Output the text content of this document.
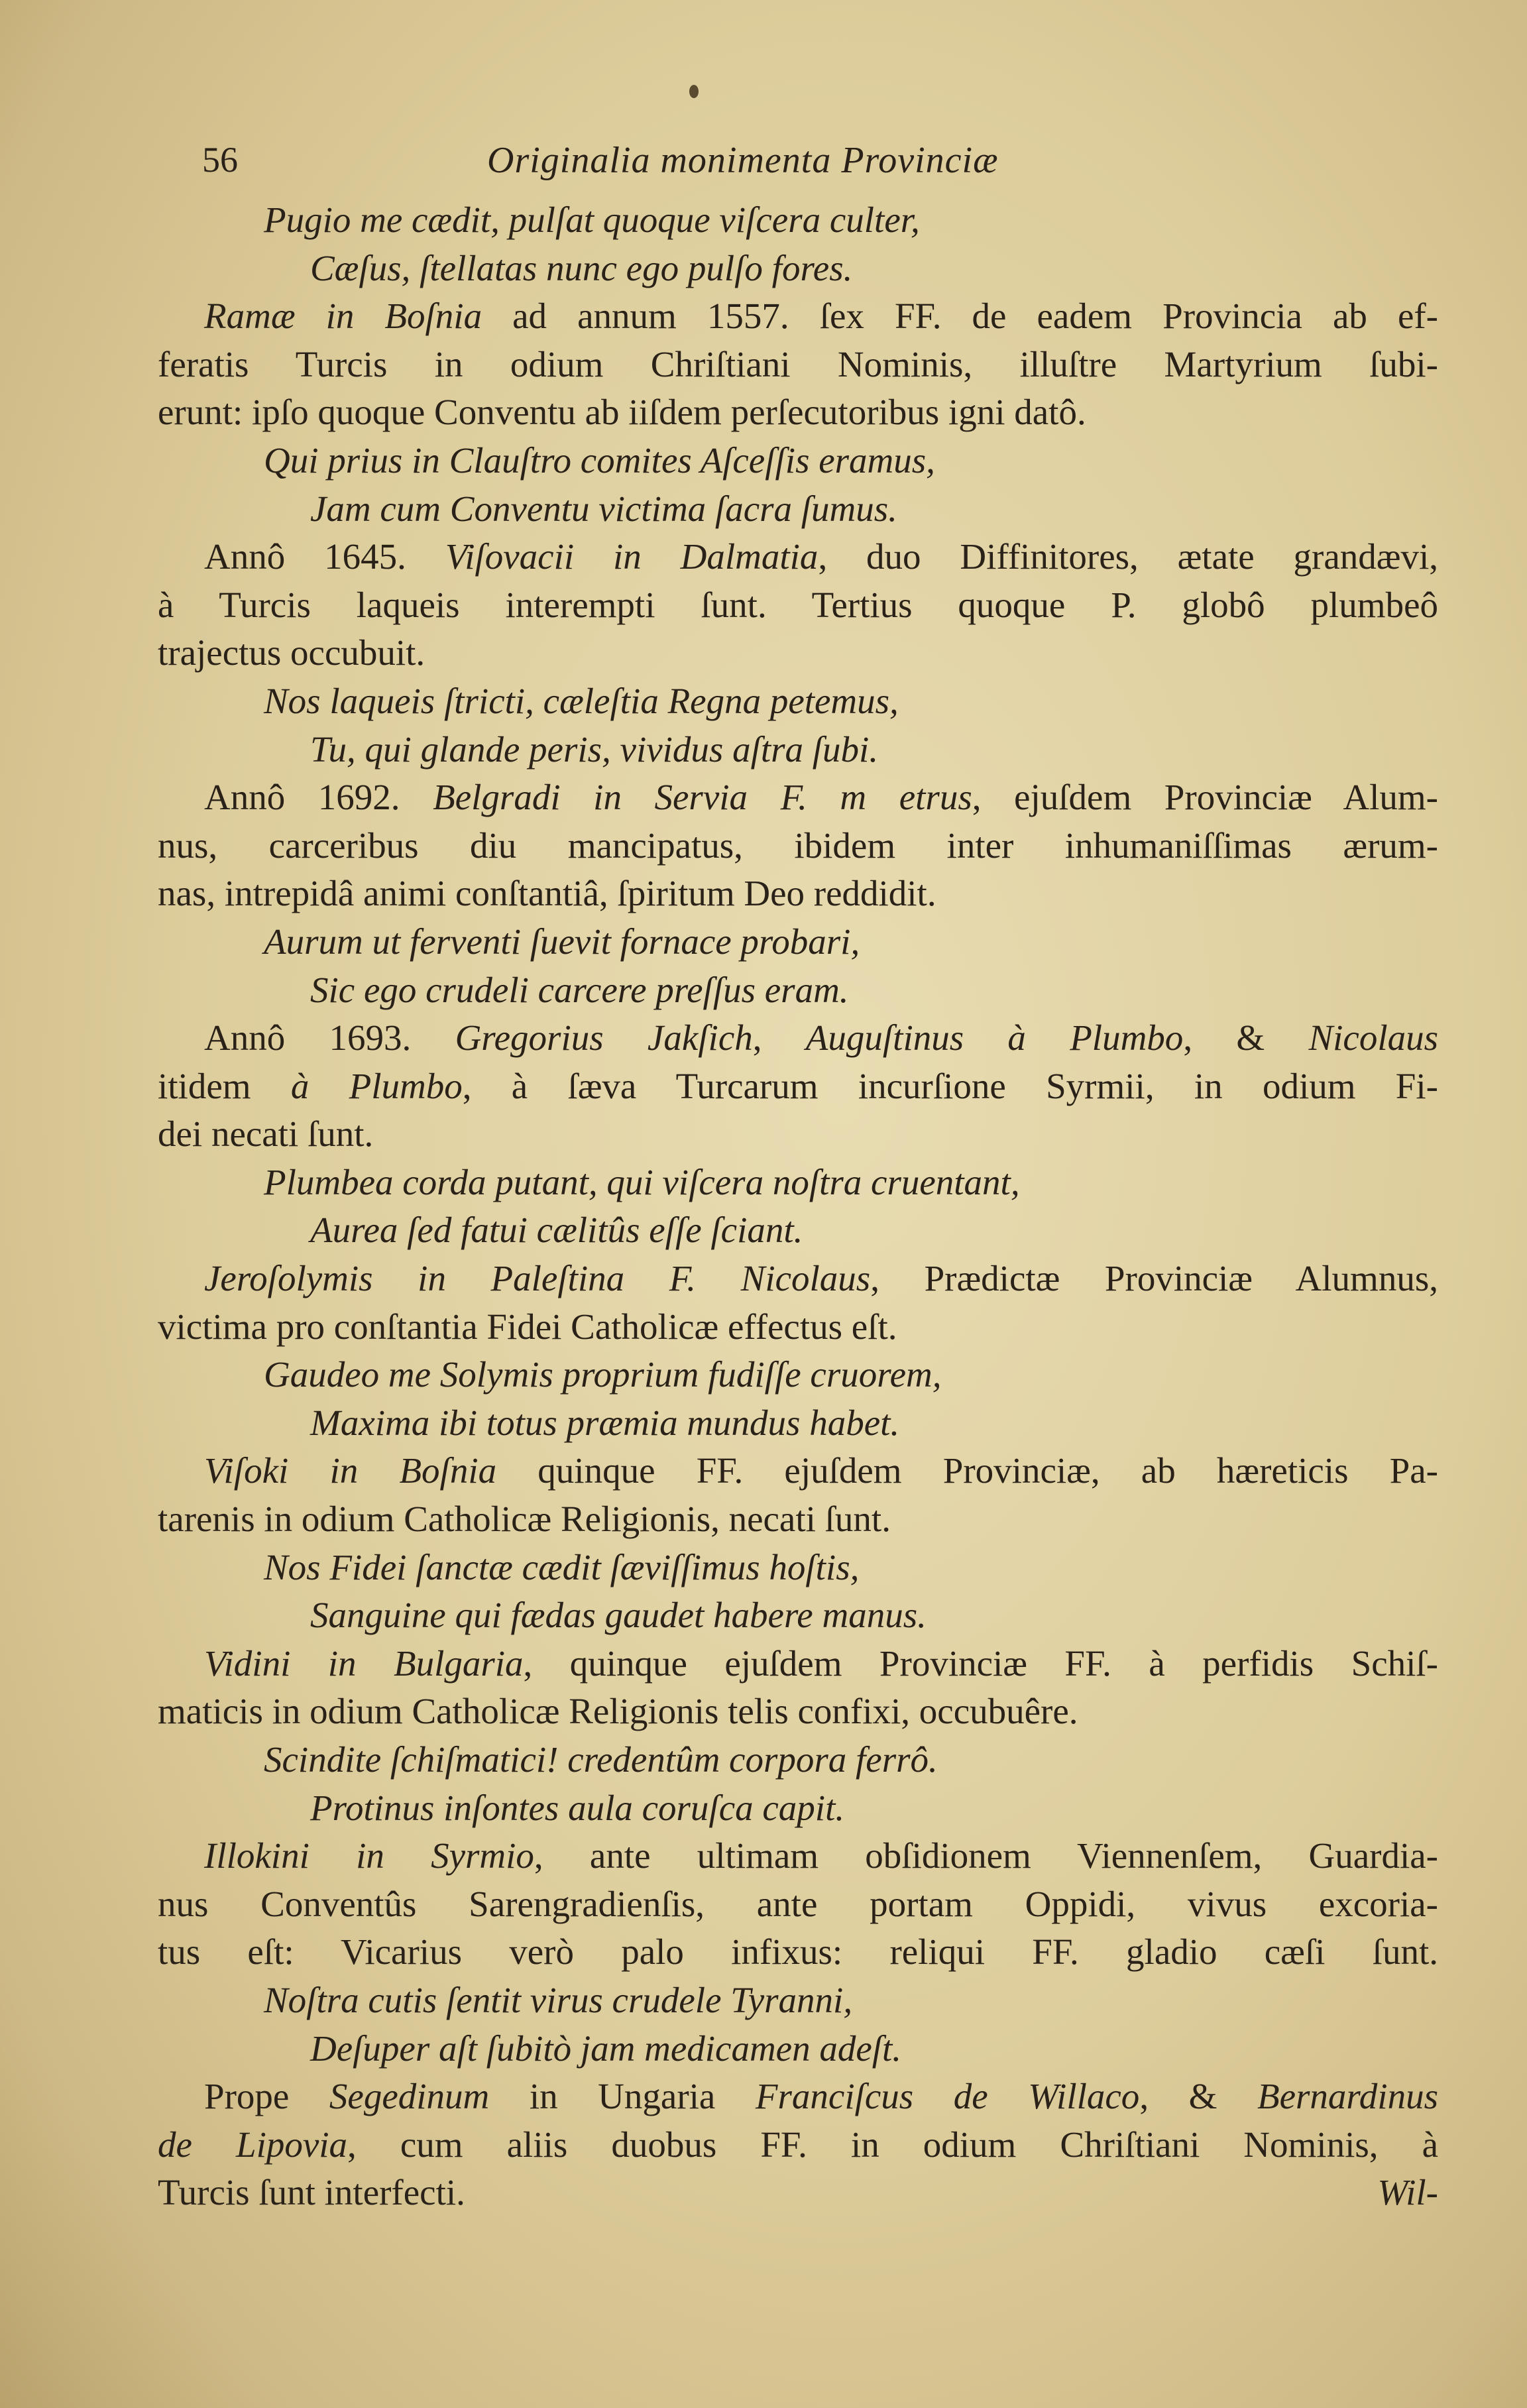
56	Originalia monimenta Provinciæ
Pugio me cædit, pulſat quoque viſcera culter,
Cæſus, ſtellatas nunc ego pulſo fores.
Ramæ in Boſnia ad annum 1557. ſex FF. de eadem Provincia ab ef-
feratis Turcis in odium Chriſtiani Nominis, illuſtre Martyrium ſubi-
erunt: ipſo quoque Conventu ab iiſdem perſecutoribus igni datô.
Qui prius in Clauſtro comites Aſceſſis eramus,
Jam cum Conventu victima ſacra ſumus.
Annô 1645. Viſovacii in Dalmatia, duo Diffinitores, ætate grandævi,
à Turcis laqueis interempti ſunt. Tertius quoque P. globô plumbeô
trajectus occubuit.
Nos laqueis ſtricti, cæleſtia Regna petemus,
Tu, qui glande peris, vividus aſtra ſubi.
Annô 1692. Belgradi in Servia F. m etrus, ejuſdem Provinciæ Alum-
nus, carceribus diu mancipatus, ibidem inter inhumaniſſimas ærum-
nas, intrepidâ animi conſtantiâ, ſpiritum Deo reddidit.
Aurum ut ferventi ſuevit fornace probari,
Sic ego crudeli carcere preſſus eram.
Annô 1693. Gregorius Jakſich, Auguſtinus à Plumbo, & Nicolaus
itidem à Plumbo, à ſæva Turcarum incurſione Syrmii, in odium Fi-
dei necati ſunt.
Plumbea corda putant, qui viſcera noſtra cruentant,
Aurea ſed fatui cælitûs eſſe ſciant.
Jeroſolymis in Paleſtina F. Nicolaus, Prædictæ Provinciæ Alumnus,
victima pro conſtantia Fidei Catholicæ effectus eſt.
Gaudeo me Solymis proprium fudiſſe cruorem,
Maxima ibi totus præmia mundus habet.
Viſoki in Boſnia quinque FF. ejuſdem Provinciæ, ab hæreticis Pa-
tarenis in odium Catholicæ Religionis, necati ſunt.
Nos Fidei ſanctæ cædit ſæviſſimus hoſtis,
Sanguine qui fædas gaudet habere manus.
Vidini in Bulgaria, quinque ejuſdem Provinciæ FF. à perfidis Schiſ-
maticis in odium Catholicæ Religionis telis confixi, occubuêre.
Scindite ſchiſmatici! credentûm corpora ferrô.
Protinus inſontes aula coruſca capit.
Illokini in Syrmio, ante ultimam obſidionem Viennenſem, Guardia-
nus Conventûs Sarengradienſis, ante portam Oppidi, vivus excoria-
tus eſt: Vicarius verò palo infixus: reliqui FF. gladio cæſi ſunt.
Noſtra cutis ſentit virus crudele Tyranni,
Deſuper aſt ſubitò jam medicamen adeſt.
Prope Segedinum in Ungaria Franciſcus de Willaco, & Bernardinus
de Lipovia, cum aliis duobus FF. in odium Chriſtiani Nominis, à
Turcis ſunt interfecti.	Wil-
